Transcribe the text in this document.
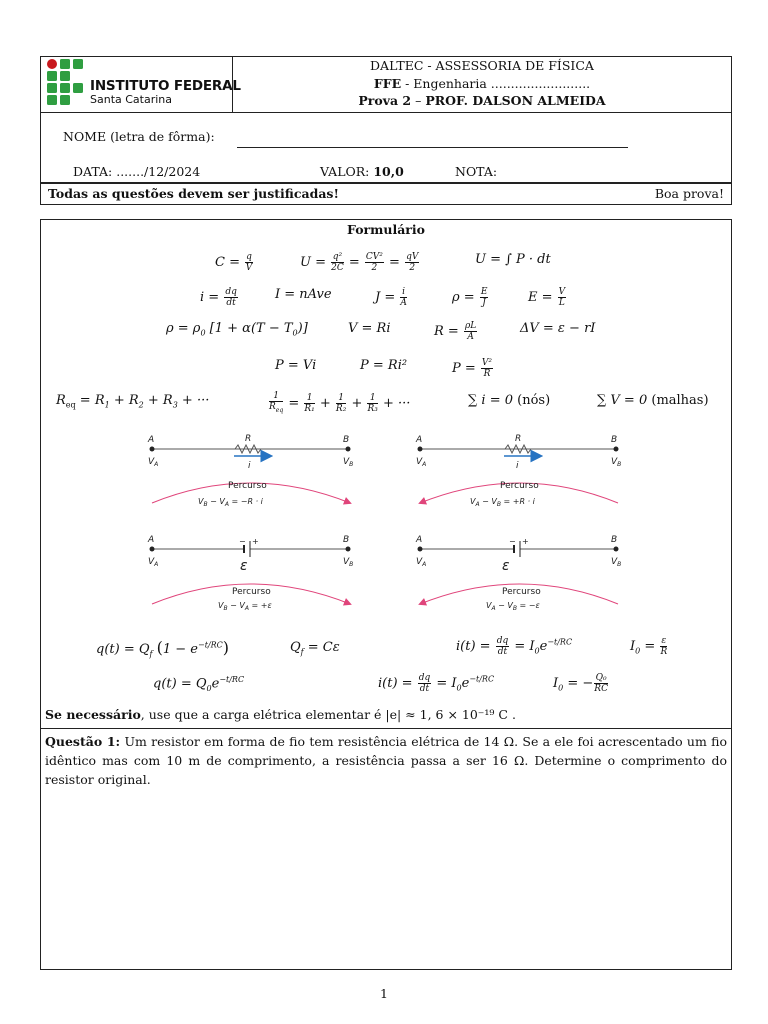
INSTITUTO FEDERAL
Santa Catarina
DALTEC - ASSESSORIA DE FÍSICA
FFE - Engenharia .........................
Prova 2 – PROF. DALSON ALMEIDA
NOME (letra de fôrma):
DATA: ......./12/2024	VALOR: 10,0	NOTA:
Todas as questões devem ser justificadas!	Boa prova!
Formulário
$C = \frac{q}{V}$	$U = \frac{\text{q²}}{2C} = \frac{\text{CV²}}{2} = \frac{qV}{2}$	U = ∫ P · dt
$i = \frac{dq}{dt}$	I = nAve	$J = \frac{i}{A}$	$\rho = \frac{E}{J}$	$E = \frac{V}{L}$
$\rho = \rho_0$ $[1 + \alpha(T - T_0)]$	V = Ri	$R = \frac{\rho L}{A}$	ΔV = ε − rI
P = Vi	P = Ri²	$P = \frac{\text{V²}}{R}$
$R_{eq} = R_1 + R_2 + R_3$ + ···	1
$R_{eq} = \frac{1}{\text{R₁}} + \frac{1}{\text{R₂}} + \frac{1}{\text{R₃}}$ + ···	∑ i = 0 (nós)	∑ V = 0 (malhas)
A	B
$V_A$	$V_B$
R
i
Percurso
$V_B - V_A = -R \cdot i$
A	B
$V_A$	$V_B$
R
i
Percurso
$V_A - V_B = +R \cdot i$
− +
A	B
$V_A$	$V_B$
ε
Percurso
$V_B - V_A = +\varepsilon$
− +
A	B
$V_A$	$V_B$
ε
Percurso
$V_A - V_B = -\varepsilon$
$q(t) = Q_f$ $(1 - e^{-t/RC})$	$Q_f = C\varepsilon$	$i(t) = \frac{dq}{dt} = I_0e^{-t/RC}$	$I_0 = \frac{\varepsilon}{R}$
$q(t) = Q_0e^{-t/RC}$	$i(t) = \frac{dq}{dt} = I_0e^{-t/RC}$	$I_0$ = − $\frac{\text{Q₀}}{RC}$
Se necessário, use que a carga elétrica elementar é |e| ≈ 1, 6 × 10⁻¹⁹ C .
Questão 1: Um resistor em forma de fio tem resistência elétrica de 14 Ω. Se a ele foi acrescentado um fio idêntico mas com 10 m de comprimento, a resistência passa a ser 16 Ω. Determine o comprimento do resistor original.
1
